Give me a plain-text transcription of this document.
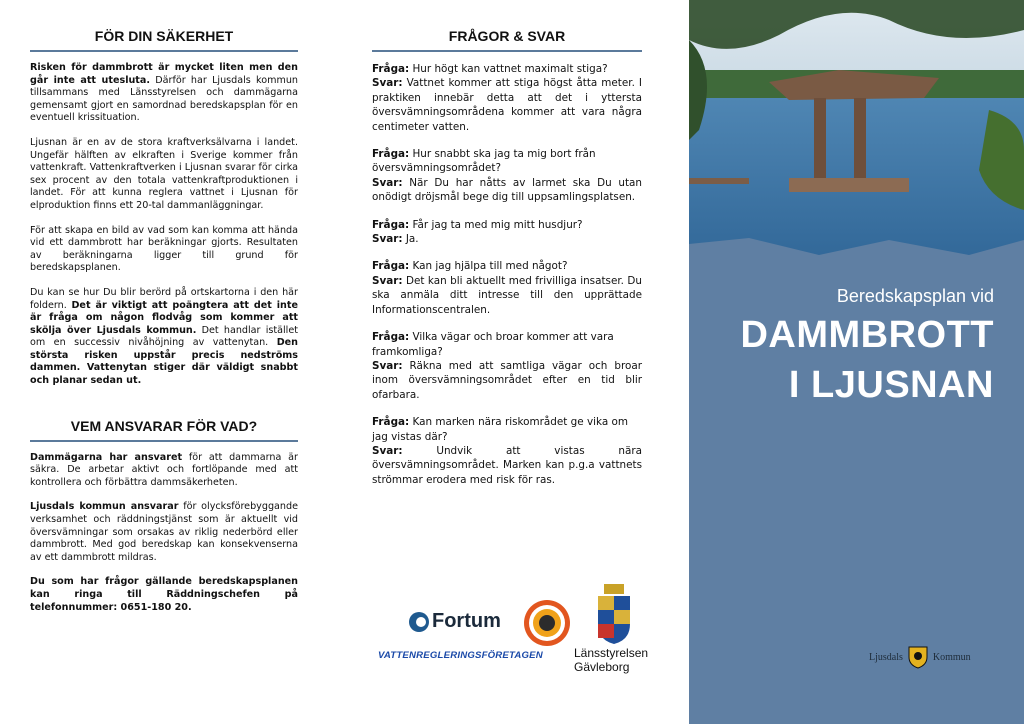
FÖR DIN SÄKERHET

Risken för dammbrott är mycket liten men den går inte att utesluta. Därför har Ljusdals kommun tillsammans med Länsstyrelsen och dammägarna gemensamt gjort en samordnad beredskapsplan för en eventuell krissituation.

Ljusnan är en av de stora kraftverksälvarna i landet. Ungefär hälften av elkraften i Sverige kommer från vattenkraft. Vattenkraftverken i Ljusnan svarar för cirka sex procent av den totala vattenkraftproduktionen i landet. För att kunna reglera vattnet i Ljusnan för elproduktion finns ett 20-tal dammanläggningar.

För att skapa en bild av vad som kan komma att hända vid ett dammbrott har beräkningar gjorts. Resultaten av beräkningarna ligger till grund för beredskapsplanen.

Du kan se hur Du blir berörd på ortskartorna i den här foldern. Det är viktigt att poängtera att det inte är fråga om någon flodvåg som kommer att skölja över Ljusdals kommun. Det handlar istället om en successiv nivåhöjning av vattenytan. Den största risken uppstår precis nedströms dammen. Vattenytan stiger där väldigt snabbt och planar sedan ut.

VEM ANSVARAR FÖR VAD?

Dammägarna har ansvaret för att dammarna är säkra. De arbetar aktivt och fortlöpande med att kontrollera och förbättra dammsäkerheten.

Ljusdals kommun ansvarar för olycksförebyggande verksamhet och räddningstjänst som är aktuellt vid översvämningar som orsakas av riklig nederbörd eller dammbrott. Med god beredskap kan konsekvenserna av ett dammbrott mildras.

Du som har frågor gällande beredskapsplanen kan ringa till Räddningschefen på telefonnummer: 0651-180 20.

FRÅGOR & SVAR

Fråga: Hur högt kan vattnet maximalt stiga?

Svar: Vattnet kommer att stiga högst åtta meter. I praktiken innebär detta att det i yttersta översvämningsområdena kommer att vara några centimeter vatten.

Fråga: Hur snabbt ska jag ta mig bort från översvämningsområdet?

Svar: När Du har nåtts av larmet ska Du utan onödigt dröjsmål bege dig till uppsamlingsplatsen.

Fråga: Får jag ta med mig mitt husdjur?

Svar: Ja.

Fråga: Kan jag hjälpa till med något?

Svar: Det kan bli aktuellt med frivilliga insatser. Du ska anmäla ditt intresse till den upprättade Informationscentralen.

Fråga: Vilka vägar och broar kommer att vara framkomliga?

Svar: Räkna med att samtliga vägar och broar inom översvämningsområdet efter en tid blir ofarbara.

Fråga: Kan marken nära riskområdet ge vika om jag vistas där?

Svar: Undvik att vistas nära översvämningsområdet. Marken kan p.g.a vattnets strömmar erodera med risk för ras.

Fortum
VATTENREGLERINGSFÖRETAGEN	Länsstyrelsen
Gävleborg
Beredskapsplan vid
DAMMBROTT
I LJUSNAN
Ljusdals	Kommun
